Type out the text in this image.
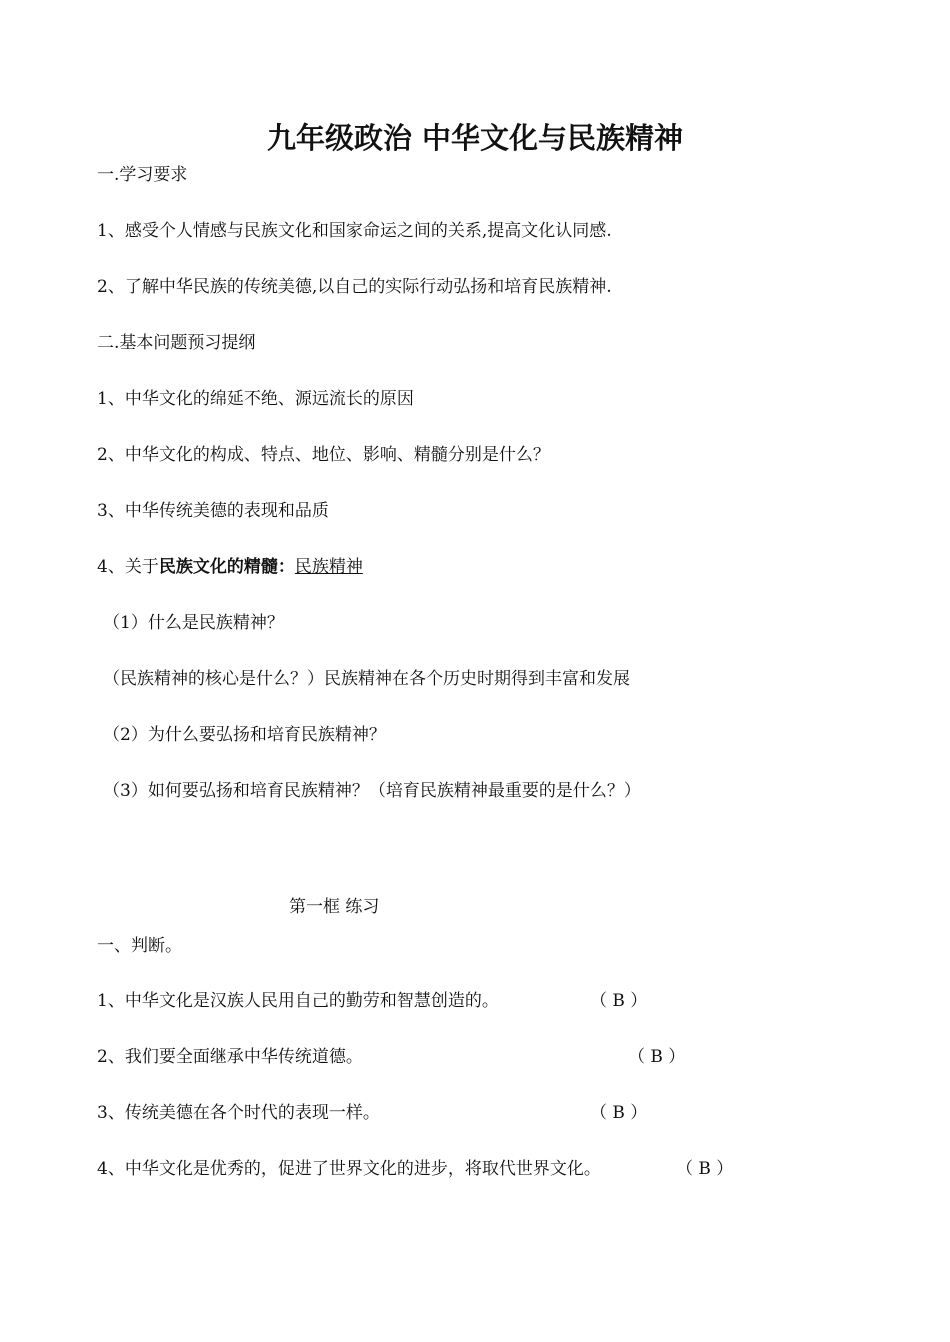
九年级政治 中华文化与民族精神

一.学习要求

1、感受个人情感与民族文化和国家命运之间的关系,提高文化认同感.

2、了解中华民族的传统美德,以自己的实际行动弘扬和培育民族精神.

二.基本问题预习提纲

1、中华文化的绵延不绝、源远流长的原因

2、中华文化的构成、特点、地位、影响、精髓分别是什么？

3、中华传统美德的表现和品质

4、关于民族文化的精髓：民族精神

（1）什么是民族精神？

（民族精神的核心是什么？）民族精神在各个历史时期得到丰富和发展

（2）为什么要弘扬和培育民族精神？

（3）如何要弘扬和培育民族精神？（培育民族精神最重要的是什么？）

第一框 练习

一、判断。

1、中华文化是汉族人民用自己的勤劳和智慧创造的。	（ B ）

2、我们要全面继承中华传统道德。	（ B ）

3、传统美德在各个时代的表现一样。	（ B ）

4、中华文化是优秀的，促进了世界文化的进步，将取代世界文化。	（ B ）
